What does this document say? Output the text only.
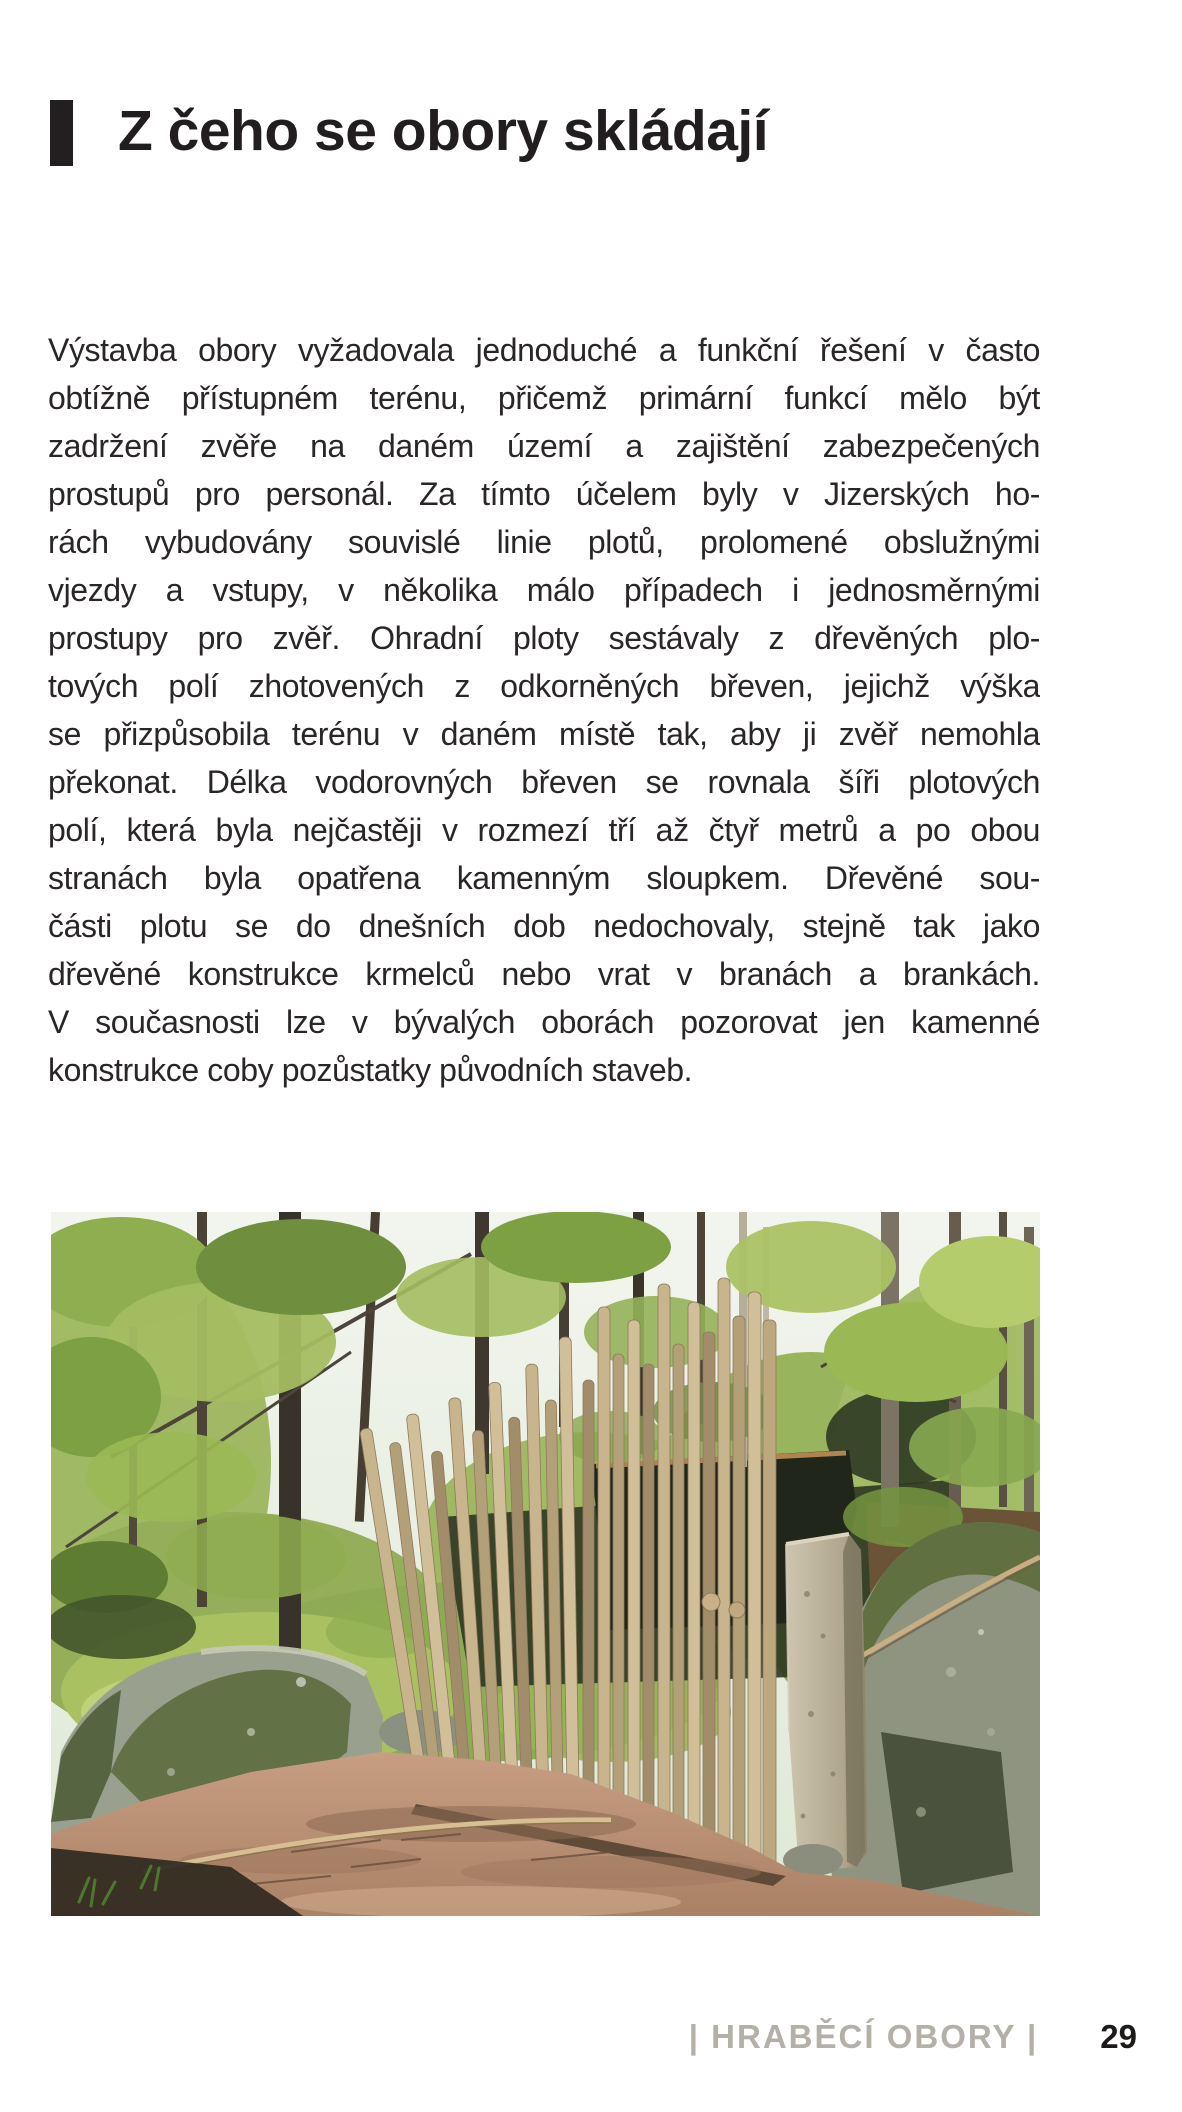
Z čeho se obory skládají
Výstavba obory vyžadovala jednoduché a funkční řešení v často
obtížně přístupném terénu, přičemž primární funkcí mělo být
zadržení zvěře na daném území a zajištění zabezpečených
prostupů pro personál. Za tímto účelem byly v Jizerských ho-
rách vybudovány souvislé linie plotů, prolomené obslužnými
vjezdy a vstupy, v několika málo případech i jednosměrnými
prostupy pro zvěř. Ohradní ploty sestávaly z dřevěných plo-
tových polí zhotovených z odkorněných břeven, jejichž výška
se přizpůsobila terénu v daném místě tak, aby ji zvěř nemohla
překonat. Délka vodorovných břeven se rovnala šíři plotových
polí, která byla nejčastěji v rozmezí tří až čtyř metrů a po obou
stranách byla opatřena kamenným sloupkem. Dřevěné sou-
části plotu se do dnešních dob nedochovaly, stejně tak jako
dřevěné konstrukce krmelců nebo vrat v branách a brankách.
V současnosti lze v bývalých oborách pozorovat jen kamenné
konstrukce coby pozůstatky původních staveb.
| HRABĚCÍ OBORY | 29
